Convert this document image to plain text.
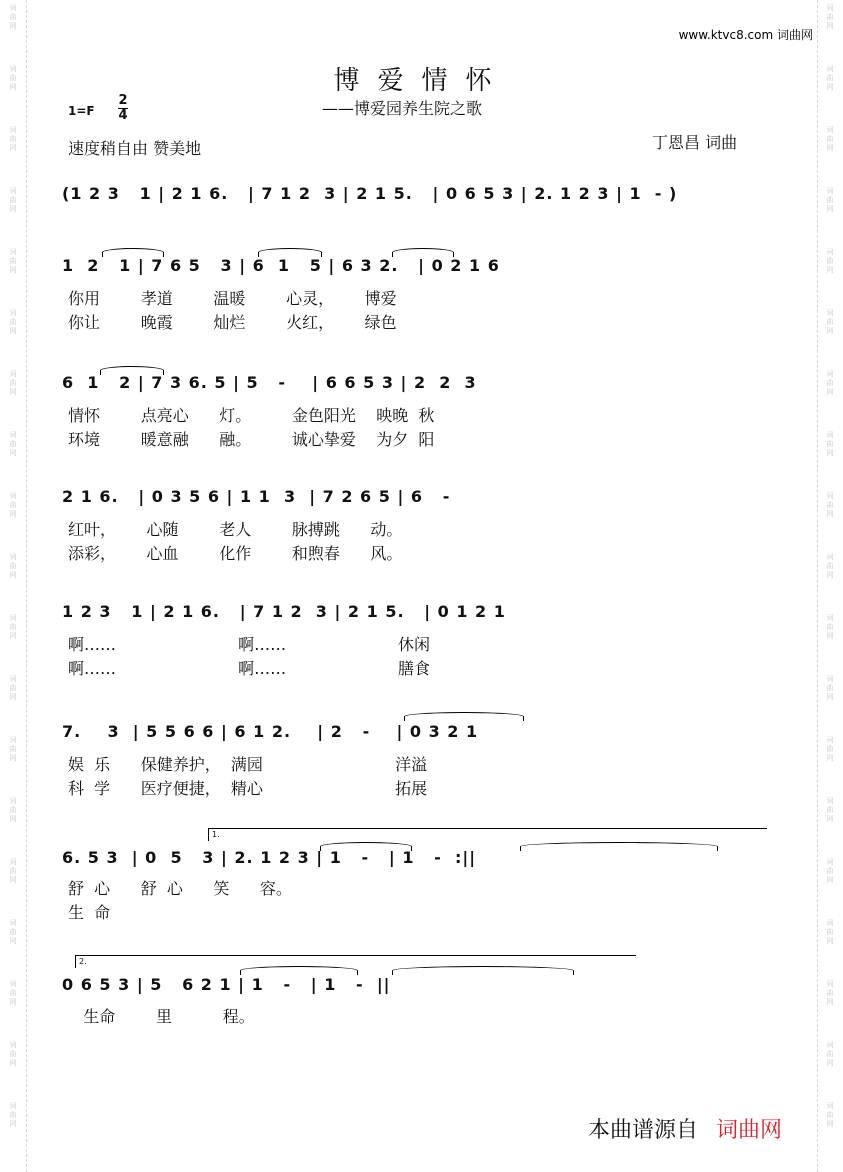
词
曲
网
词
曲
网
词
曲
网
词
曲
网
词
曲
网
词
曲
网
词
曲
网
词
曲
网
词
曲
网
词
曲
网
词
曲
网
词
曲
网
词
曲
网
词
曲
网
词
曲
网
词
曲
网
词
曲
网
词
曲
网
词
曲
网
词
曲
网
词
曲
网
词
曲
网
词
曲
网
词
曲
网
词
曲
网
词
曲
网
词
曲
网
词
曲
网
词
曲
网
词
曲
网
词
曲
网
词
曲
网
词
曲
网
词
曲
网
词
曲
网
词
曲
网
词
曲
网
词
曲
网
www.ktvc8.com 词曲网
博爱情怀
——博爱园养生院之歌
1=F
2
4
速度稍自由 赞美地	丁恩昌 词曲
(1 2 3   1 | 2 1 6.   | 7 1 2  3 | 2 1 5.   | 0 6 5 3 | 2. 1 2 3 | 1  - )
1  2   1 | 7 6 5   3 | 6  1   5 | 6 3 2.   | 0 2 1 6
你用        孝道        温暖        心灵，      博爱
你让        晚霞        灿烂        火红，      绿色
6  1   2 | 7 3 6. 5 | 5   -    | 6 6 5 3 | 2  2  3
情怀        点亮心      灯。        金色阳光    映晚  秋
环境        暖意融      融。        诚心挚爱    为夕  阳
2 1 6.   | 0 3 5 6 | 1 1  3  | 7 2 6 5 | 6   -
红叶，      心随        老人        脉搏跳      动。
添彩，      心血        化作        和煦春      风。
1 2 3   1 | 2 1 6.   | 7 1 2  3 | 2 1 5.   | 0 1 2 1
啊……                        啊……                      休闲
啊……                        啊……                      膳食
7.    3  | 5 5 6 6 | 6 1 2.    | 2   -    | 0 3 2 1
娱  乐      保健养护，  满园                          洋溢
科  学      医疗便捷，  精心                          拓展
1.
6. 5 3  | 0  5   3 | 2. 1 2 3 | 1   -   | 1   -  :||
舒  心      舒  心      笑      容。
生  命
2.
0 6 5 3 | 5   6 2 1 | 1   -   | 1   -  ||
生命        里          程。
本曲谱源自 词曲网
